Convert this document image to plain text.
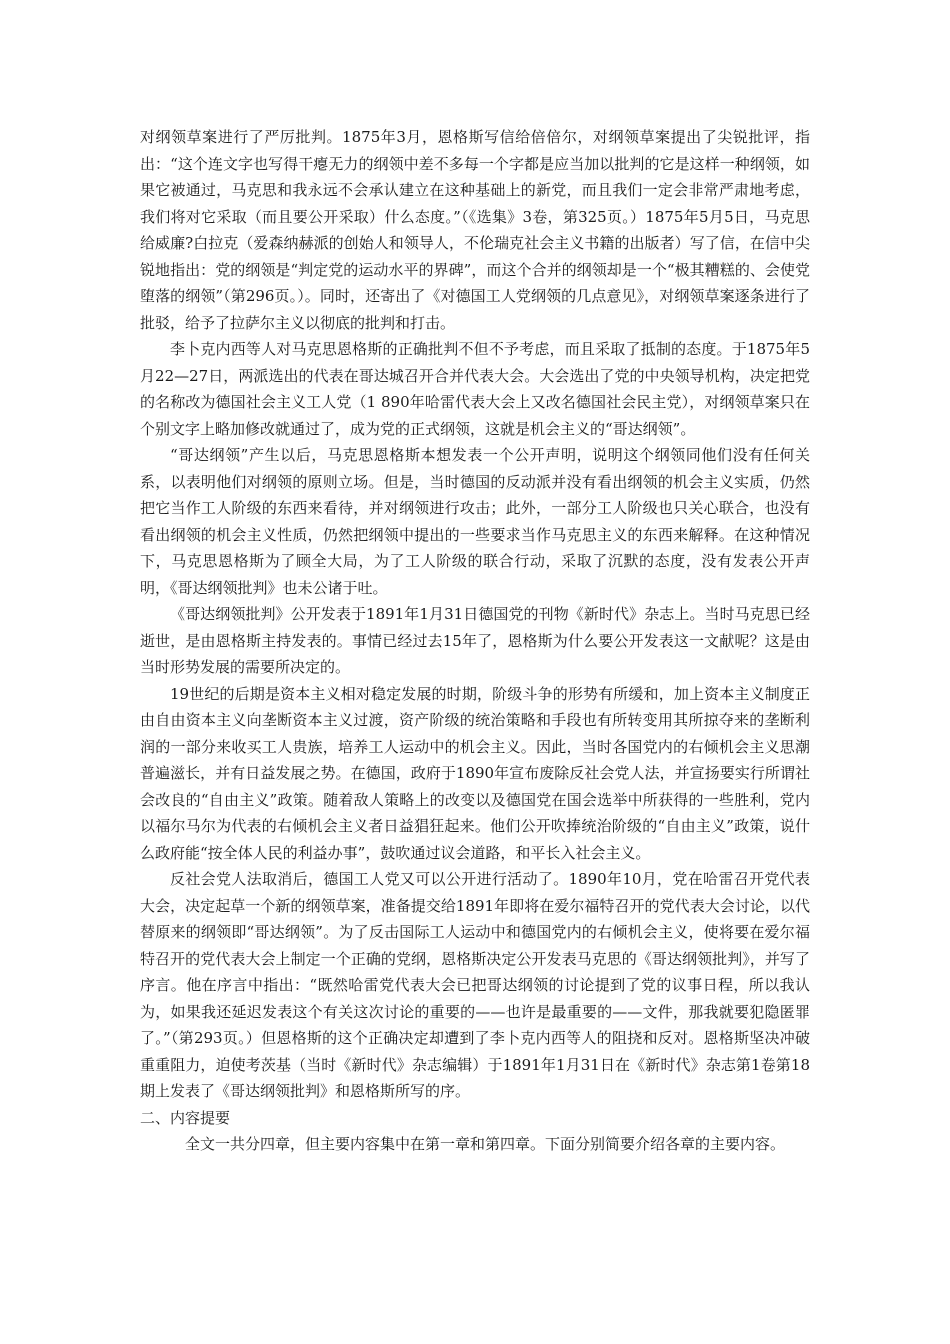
对纲领草案进行了严厉批判。1875年3月，恩格斯写信给倍倍尔，对纲领草案提出了尖锐批评，指出：“这个连文字也写得干瘪无力的纲领中差不多每一个字都是应当加以批判的它是这样一种纲领，如果它被通过，马克思和我永远不会承认建立在这种基础上的新党，而且我们一定会非常严肃地考虑，我们将对它采取（而且要公开采取）什么态度。”（《选集》3卷，第325页。）1875年5月5日，马克思给威廉?白拉克（爱森纳赫派的创始人和领导人，不伦瑞克社会主义书籍的出版者）写了信，在信中尖锐地指出：党的纲领是“判定党的运动水平的界碑”，而这个合并的纲领却是一个“极其糟糕的、会使党堕落的纲领”（第296页。）。同时，还寄出了《对德国工人党纲领的几点意见》，对纲领草案逐条进行了批驳，给予了拉萨尔主义以彻底的批判和打击。

李卜克内西等人对马克思恩格斯的正确批判不但不予考虑，而且采取了抵制的态度。于1875年5月22—27日，两派选出的代表在哥达城召开合并代表大会。大会选出了党的中央领导机构，决定把党的名称改为德国社会主义工人党（1 890年哈雷代表大会上又改名德国社会民主党），对纲领草案只在个别文字上略加修改就通过了，成为党的正式纲领，这就是机会主义的“哥达纲领”。

“哥达纲领”产生以后，马克思恩格斯本想发表一个公开声明，说明这个纲领同他们没有任何关系，以表明他们对纲领的原则立场。但是，当时德国的反动派并没有看出纲领的机会主义实质，仍然把它当作工人阶级的东西来看待，并对纲领进行攻击；此外，一部分工人阶级也只关心联合，也没有看出纲领的机会主义性质，仍然把纲领中提出的一些要求当作马克思主义的东西来解释。在这种情况下，马克思恩格斯为了顾全大局，为了工人阶级的联合行动，采取了沉默的态度，没有发表公开声明，《哥达纲领批判》也未公诸于吐。

《哥达纲领批判》公开发表于1891年1月31日德国党的刊物《新时代》杂志上。当时马克思已经逝世，是由恩格斯主持发表的。事情已经过去15年了，恩格斯为什么要公开发表这一文献呢？这是由当时形势发展的需要所决定的。

19世纪的后期是资本主义相对稳定发展的时期，阶级斗争的形势有所缓和，加上资本主义制度正由自由资本主义向垄断资本主义过渡，资产阶级的统治策略和手段也有所转变用其所掠夺来的垄断利润的一部分来收买工人贵族，培养工人运动中的机会主义。因此，当时各国党内的右倾机会主义思潮普遍滋长，并有日益发展之势。在德国，政府于1890年宣布废除反社会党人法，并宣扬要实行所谓社会改良的“自由主义”政策。随着敌人策略上的改变以及德国党在国会选举中所获得的一些胜利，党内以福尔马尔为代表的右倾机会主义者日益猖狂起来。他们公开吹捧统治阶级的“自由主义”政策，说什么政府能“按全体人民的利益办事”，鼓吹通过议会道路，和平长入社会主义。

反社会党人法取消后，德国工人党又可以公开进行活动了。1890年10月，党在哈雷召开党代表大会，决定起草一个新的纲领草案，准备提交给1891年即将在爱尔福特召开的党代表大会讨论，以代替原来的纲领即“哥达纲领”。为了反击国际工人运动中和德国党内的右倾机会主义，使将要在爱尔福特召开的党代表大会上制定一个正确的党纲，恩格斯决定公开发表马克思的《哥达纲领批判》，并写了序言。他在序言中指出：“既然哈雷党代表大会已把哥达纲领的讨论提到了党的议事日程，所以我认为，如果我还延迟发表这个有关这次讨论的重要的——也许是最重要的——文件，那我就要犯隐匿罪了。”（第293页。）但恩格斯的这个正确决定却遭到了李卜克内西等人的阻挠和反对。恩格斯坚决冲破重重阻力，迫使考茨基（当时《新时代》杂志编辑）于1891年1月31日在《新时代》杂志第1卷第18期上发表了《哥达纲领批判》和恩格斯所写的序。

二、内容提要

全文一共分四章，但主要内容集中在第一章和第四章。下面分别简要介绍各章的主要内容。
